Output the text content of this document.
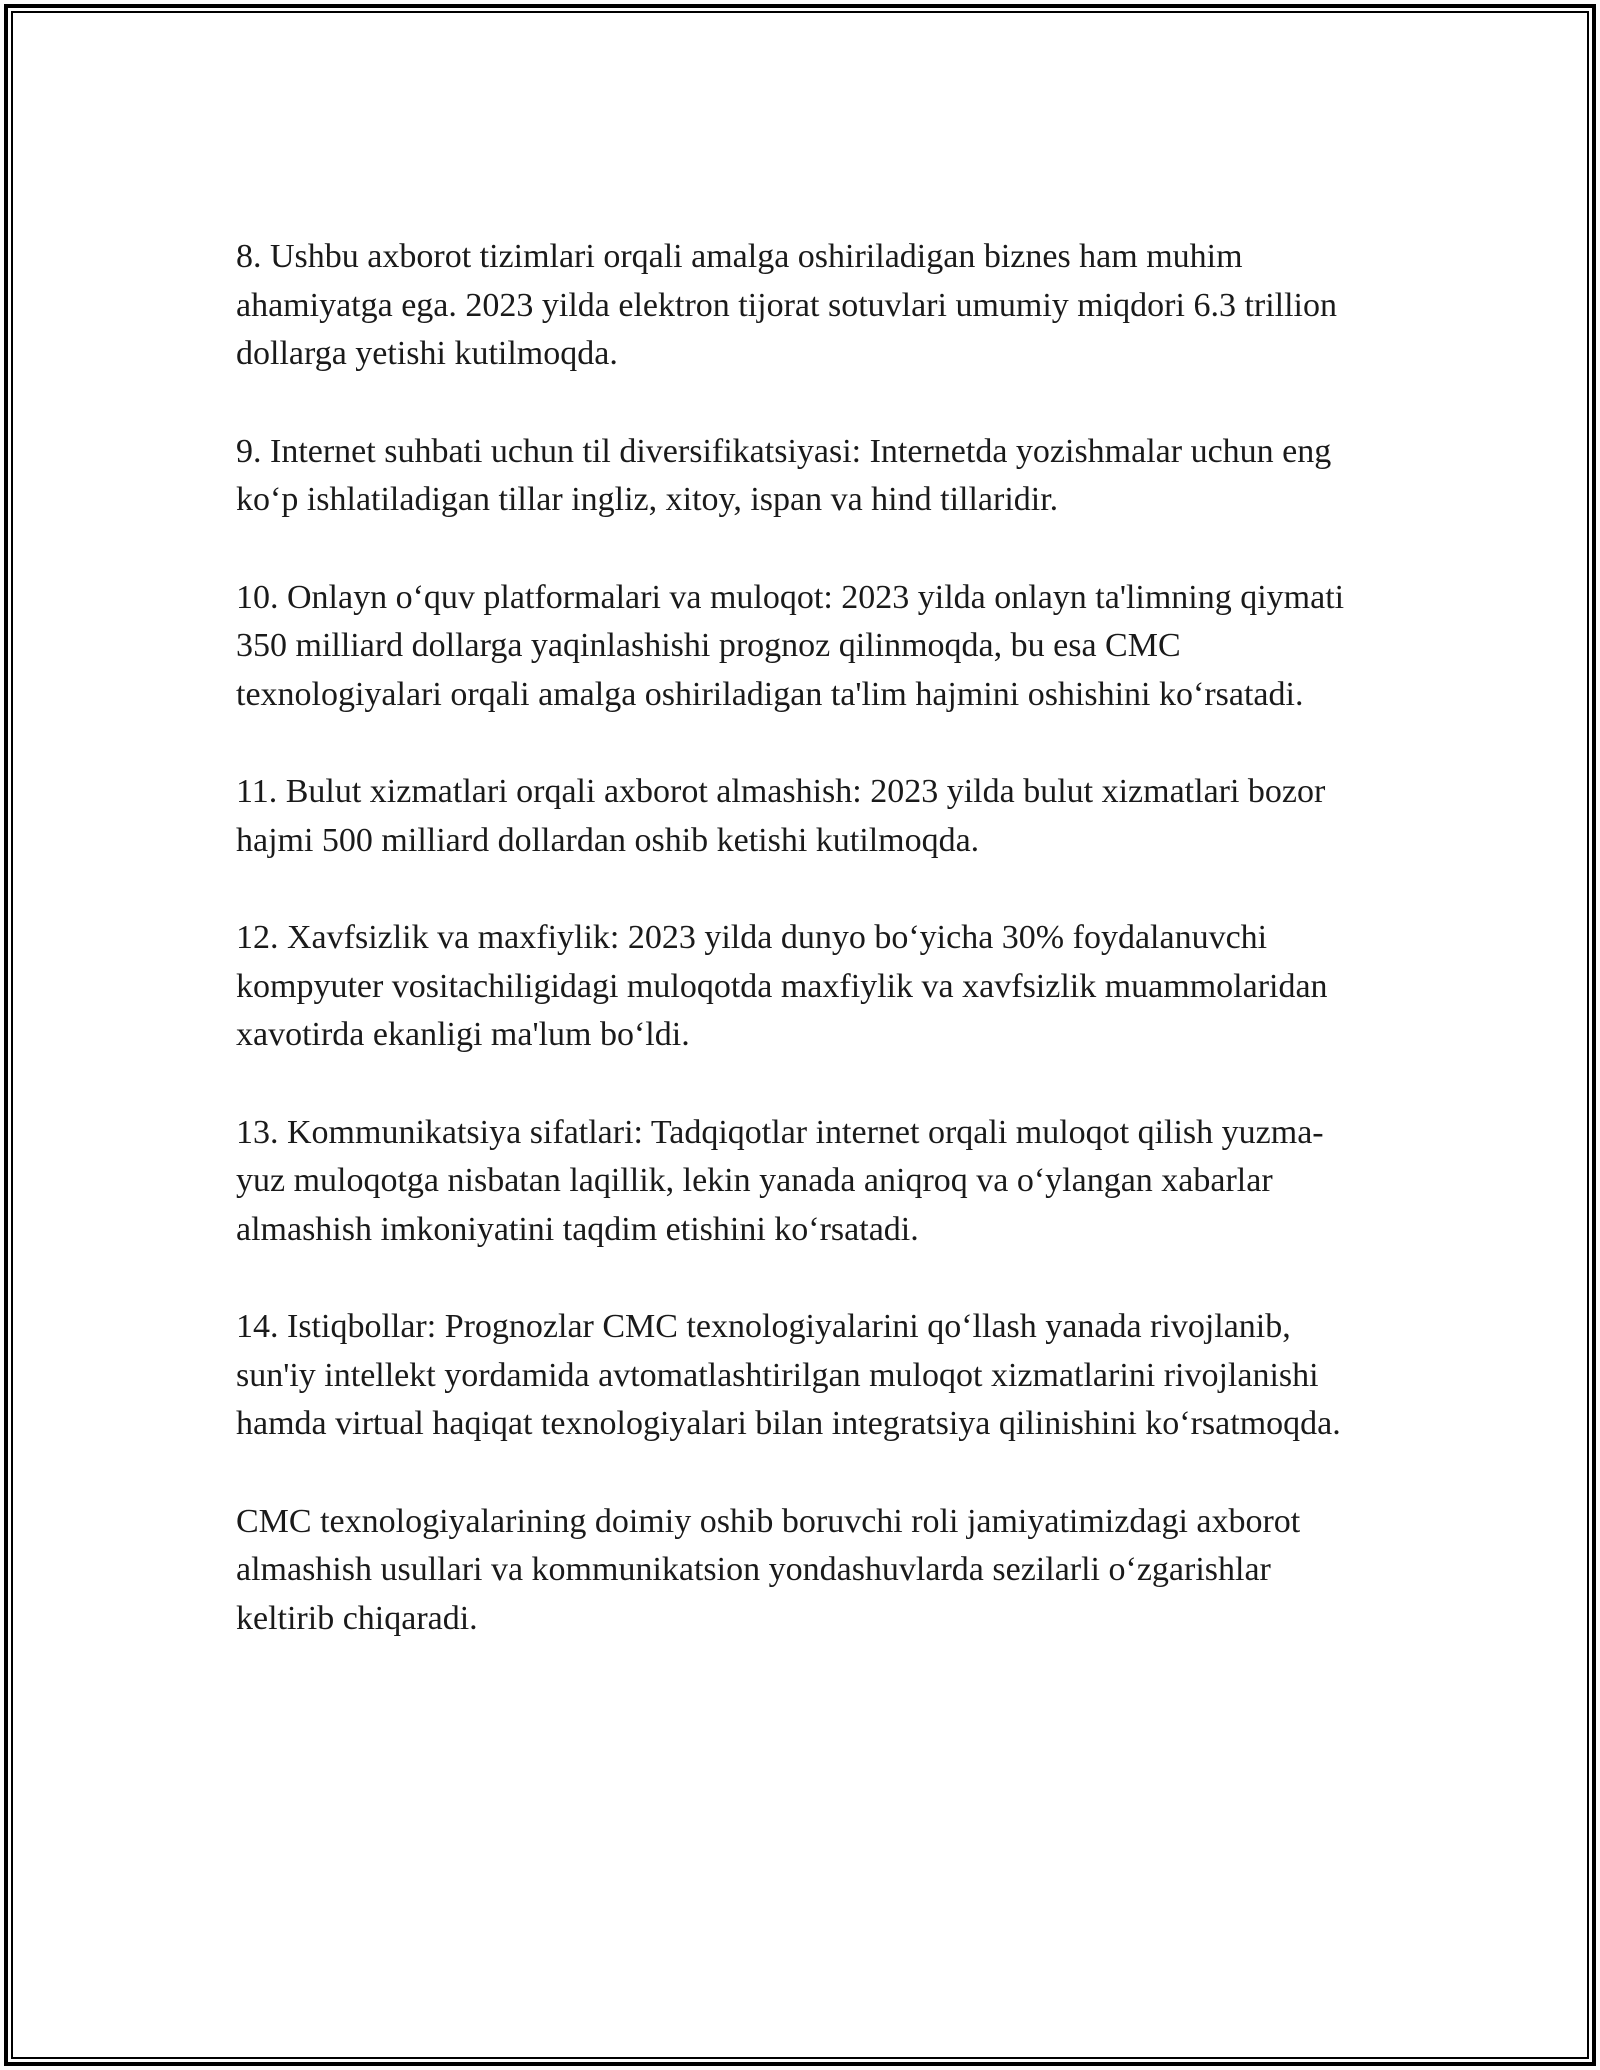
8. Ushbu axborot tizimlari orqali amalga oshiriladigan biznes ham muhim ahamiyatga ega. 2023 yilda elektron tijorat sotuvlari umumiy miqdori 6.3 trillion dollarga yetishi kutilmoqda.

9. Internet suhbati uchun til diversifikatsiyasi: Internetda yozishmalar uchun eng ko‘p ishlatiladigan tillar ingliz, xitoy, ispan va hind tillaridir.

10. Onlayn o‘quv platformalari va muloqot: 2023 yilda onlayn ta'limning qiymati 350 milliard dollarga yaqinlashishi prognoz qilinmoqda, bu esa CMC texnologiyalari orqali amalga oshiriladigan ta'lim hajmini oshishini ko‘rsatadi.

11. Bulut xizmatlari orqali axborot almashish: 2023 yilda bulut xizmatlari bozor hajmi 500 milliard dollardan oshib ketishi kutilmoqda.

12. Xavfsizlik va maxfiylik: 2023 yilda dunyo bo‘yicha 30% foydalanuvchi kompyuter vositachiligidagi muloqotda maxfiylik va xavfsizlik muammolaridan xavotirda ekanligi ma'lum bo‘ldi.

13. Kommunikatsiya sifatlari: Tadqiqotlar internet orqali muloqot qilish yuzma-yuz muloqotga nisbatan laqillik, lekin yanada aniqroq va o‘ylangan xabarlar almashish imkoniyatini taqdim etishini ko‘rsatadi.

14. Istiqbollar: Prognozlar CMC texnologiyalarini qo‘llash yanada rivojlanib, sun'iy intellekt yordamida avtomatlashtirilgan muloqot xizmatlarini rivojlanishi hamda virtual haqiqat texnologiyalari bilan integratsiya qilinishini ko‘rsatmoqda.

CMC texnologiyalarining doimiy oshib boruvchi roli jamiyatimizdagi axborot almashish usullari va kommunikatsion yondashuvlarda sezilarli o‘zgarishlar keltirib chiqaradi.
